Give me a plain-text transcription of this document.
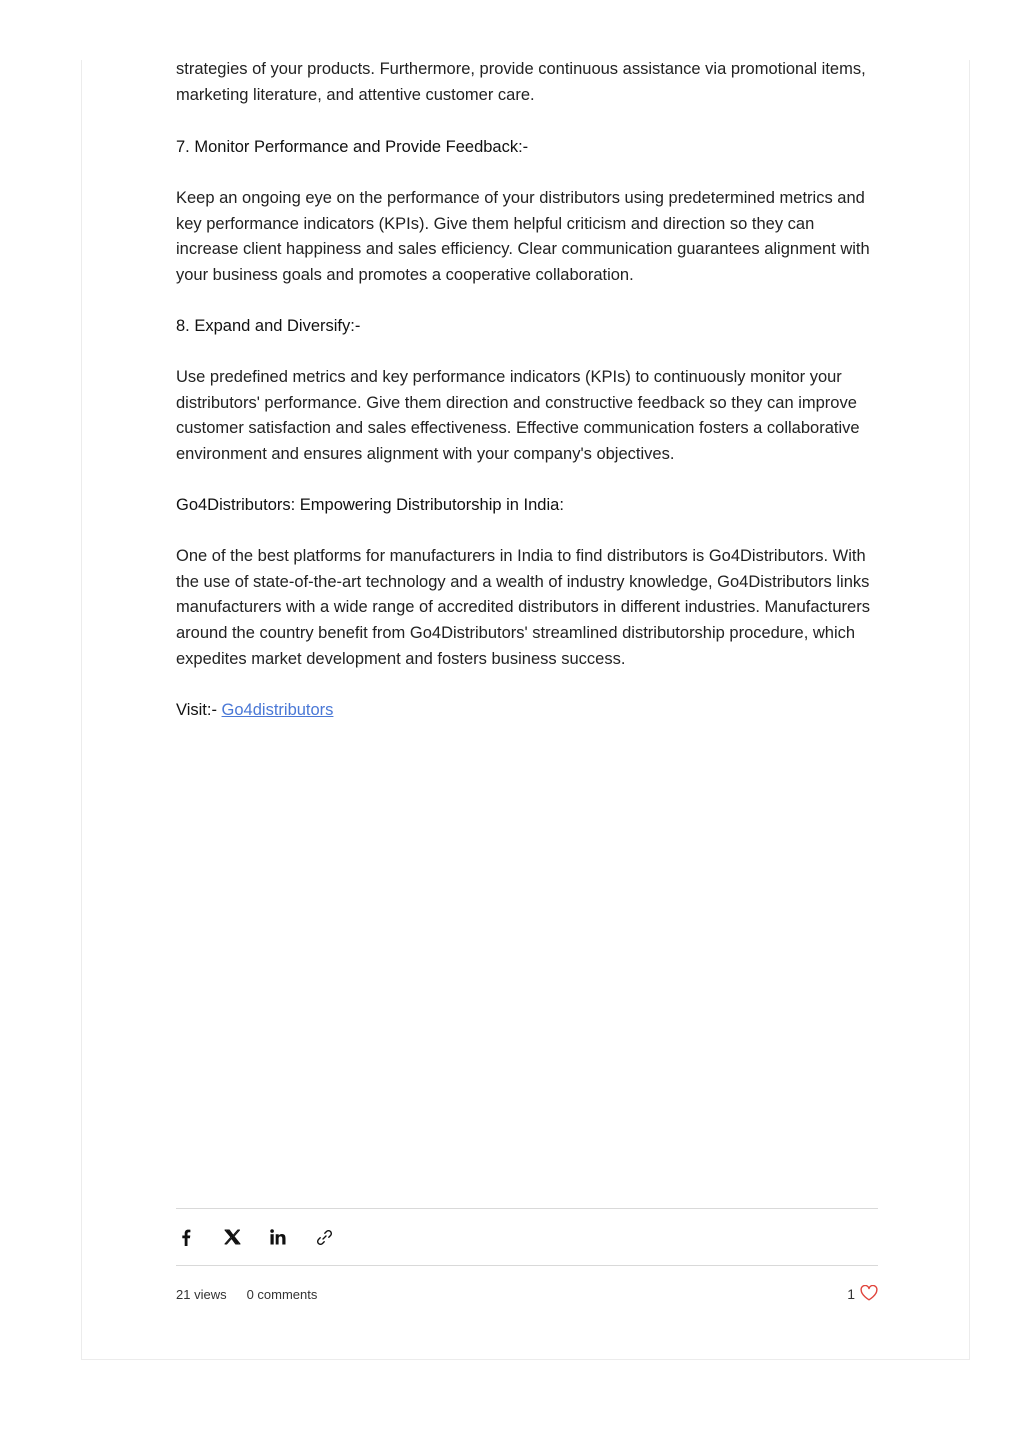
strategies of your products. Furthermore, provide continuous assistance via promotional items, marketing literature, and attentive customer care.

7. Monitor Performance and Provide Feedback:-

Keep an ongoing eye on the performance of your distributors using predetermined metrics and key performance indicators (KPIs). Give them helpful criticism and direction so they can increase client happiness and sales efficiency. Clear communication guarantees alignment with your business goals and promotes a cooperative collaboration.

8. Expand and Diversify:-

Use predefined metrics and key performance indicators (KPIs) to continuously monitor your distributors' performance. Give them direction and constructive feedback so they can improve customer satisfaction and sales effectiveness. Effective communication fosters a collaborative environment and ensures alignment with your company's objectives.

Go4Distributors: Empowering Distributorship in India:

One of the best platforms for manufacturers in India to find distributors is Go4Distributors. With the use of state-of-the-art technology and a wealth of industry knowledge, Go4Distributors links manufacturers with a wide range of accredited distributors in different industries. Manufacturers around the country benefit from Go4Distributors' streamlined distributorship procedure, which expedites market development and fosters business success.

Visit:- Go4distributors

21 views 0 comments	1
